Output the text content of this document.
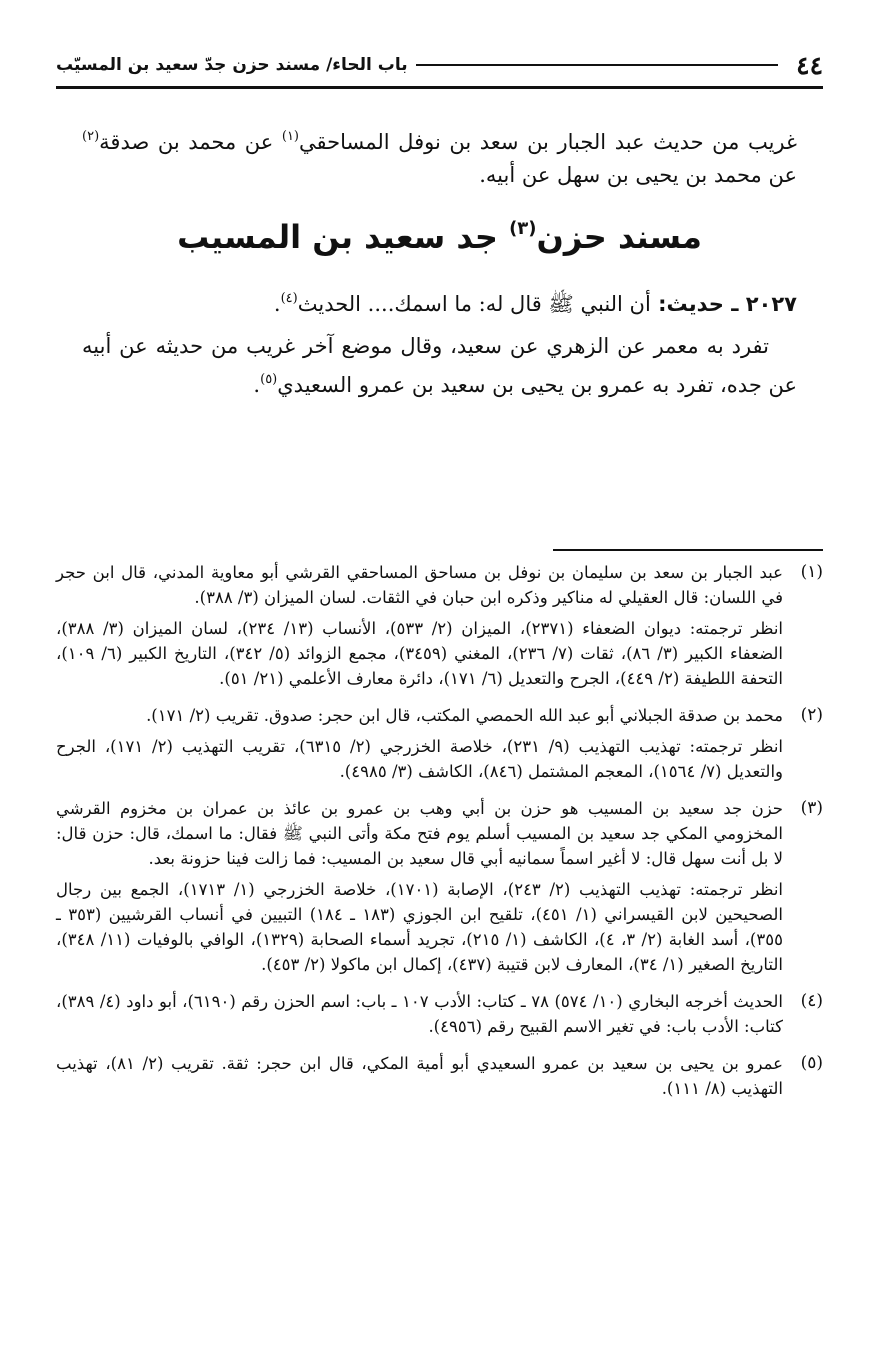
٤٤
باب الحاء/ مسند حزن جدّ سعيد بن المسيّب

غريب من حديث عبد الجبار بن سعد بن نوفل المساحقي$^{(١)}$ عن محمد بن صدقة$^{(٢)}$ عن محمد بن يحيى بن سهل عن أبيه.

مسند حزن$^{(٣)}$ جد سعيد بن المسيب
٢٠٢٧ ـ حديث: أن النبي ﷺ قال له: ما اسمك.... الحديث$^{(٤)}$.

تفرد به معمر عن الزهري عن سعيد، وقال موضع آخر غريب من حديثه عن أبيه عن جده، تفرد به عمرو بن يحيى بن سعيد بن عمرو السعيدي$^{(٥)}$.

(١)

عبد الجبار بن سعد بن سليمان بن نوفل بن مساحق المساحقي القرشي أبو معاوية المدني، قال ابن حجر في اللسان: قال العقيلي له مناكير وذكره ابن حبان في الثقات. لسان الميزان (٣/ ٣٨٨).

انظر ترجمته: ديوان الضعفاء (٢٣٧١)، الميزان (٢/ ٥٣٣)، الأنساب (١٣/ ٢٣٤)، لسان الميزان (٣/ ٣٨٨)، الضعفاء الكبير (٣/ ٨٦)، ثقات (٧/ ٢٣٦)، المغني (٣٤٥٩)، مجمع الزوائد (٥/ ٣٤٢)، التاريخ الكبير (٦/ ١٠٩)، التحفة اللطيفة (٢/ ٤٤٩)، الجرح والتعديل (٦/ ١٧١)، دائرة معارف الأعلمي (٢١/ ٥١).

(٢)

محمد بن صدقة الجبلاني أبو عبد الله الحمصي المكتب، قال ابن حجر: صدوق. تقريب (٢/ ١٧١).

انظر ترجمته: تهذيب التهذيب (٩/ ٢٣١)، خلاصة الخزرجي (٢/ ٦٣١٥)، تقريب التهذيب (٢/ ١٧١)، الجرح والتعديل (٧/ ١٥٦٤)، المعجم المشتمل (٨٤٦)، الكاشف (٣/ ٤٩٨٥).

(٣)

حزن جد سعيد بن المسيب هو حزن بن أبي وهب بن عمرو بن عائذ بن عمران بن مخزوم القرشي المخزومي المكي جد سعيد بن المسيب أسلم يوم فتح مكة وأتى النبي ﷺ فقال: ما اسمك، قال: حزن قال: لا بل أنت سهل قال: لا أغير اسماً سمانيه أبي قال سعيد بن المسيب: فما زالت فينا حزونة بعد.

انظر ترجمته: تهذيب التهذيب (٢/ ٢٤٣)، الإصابة (١٧٠١)، خلاصة الخزرجي (١/ ١٧١٣)، الجمع بين رجال الصحيحين لابن القيسراني (١/ ٤٥١)، تلقيح ابن الجوزي (١٨٣ ـ ١٨٤) التبيين في أنساب القرشيين (٣٥٣ ـ ٣٥٥)، أسد الغابة (٢/ ٣، ٤)، الكاشف (١/ ٢١٥)، تجريد أسماء الصحابة (١٣٢٩)، الوافي بالوفيات (١١/ ٣٤٨)، التاريخ الصغير (١/ ٣٤)، المعارف لابن قتيبة (٤٣٧)، إكمال ابن ماكولا (٢/ ٤٥٣).

(٤)

الحديث أخرجه البخاري (١٠/ ٥٧٤) ٧٨ ـ كتاب: الأدب ١٠٧ ـ باب: اسم الحزن رقم (٦١٩٠)، أبو داود (٤/ ٣٨٩)، كتاب: الأدب باب: في تغير الاسم القبيح رقم (٤٩٥٦).

(٥)

عمرو بن يحيى بن سعيد بن عمرو السعيدي أبو أمية المكي، قال ابن حجر: ثقة. تقريب (٢/ ٨١)، تهذيب التهذيب (٨/ ١١١).
